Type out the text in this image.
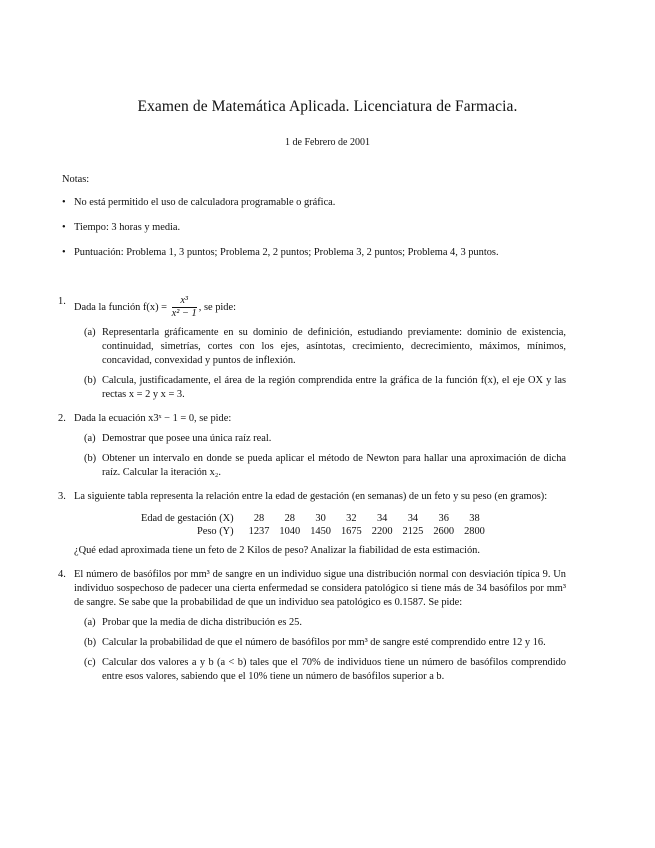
Examen de Matemática Aplicada. Licenciatura de Farmacia.
1 de Febrero de 2001
Notas:
• No está permitido el uso de calculadora programable o gráfica.
• Tiempo: 3 horas y media.
• Puntuación: Problema 1, 3 puntos; Problema 2, 2 puntos; Problema 3, 2 puntos; Problema 4, 3 puntos.
1.
Dada la función $f(x) = \frac{\text{x³}}{\text{x² − 1}}$ , se pide:
(a) Representarla gráficamente en su dominio de definición, estudiando previamente: dominio de existencia, continuidad, simetrías, cortes con los ejes, asíntotas, crecimiento, decrecimiento, máximos, mínimos, concavidad, convexidad y puntos de inflexión.
(b) Calcula, justificadamente, el área de la región comprendida entre la gráfica de la función f(x), el eje OX y las rectas x = 2 y x = 3.
2. Dada la ecuación x3ˣ − 1 = 0, se pide:
(a) Demostrar que posee una única raíz real.
(b) Obtener un intervalo en donde se pueda aplicar el método de Newton para hallar una aproximación de dicha raíz. Calcular la iteración x₂.
3. La siguiente tabla representa la relación entre la edad de gestación (en semanas) de un feto y su peso (en gramos):
Edad de gestación (X)	28	28	30	32	34	34	36	38
Peso (Y)	1237	1040	1450	1675	2200	2125	2600	2800
¿Qué edad aproximada tiene un feto de 2 Kilos de peso? Analizar la fiabilidad de esta estimación.
4. El número de basófilos por mm³ de sangre en un individuo sigue una distribución normal con desviación típica 9. Un individuo sospechoso de padecer una cierta enfermedad se considera patológico si tiene más de 34 basófilos por mm³ de sangre. Se sabe que la probabilidad de que un individuo sea patológico es 0.1587. Se pide:
(a) Probar que la media de dicha distribución es 25.
(b) Calcular la probabilidad de que el número de basófilos por mm³ de sangre esté comprendido entre 12 y 16.
(c) Calcular dos valores a y b (a < b) tales que el 70% de individuos tiene un número de basófilos comprendido entre esos valores, sabiendo que el 10% tiene un número de basófilos superior a b.
